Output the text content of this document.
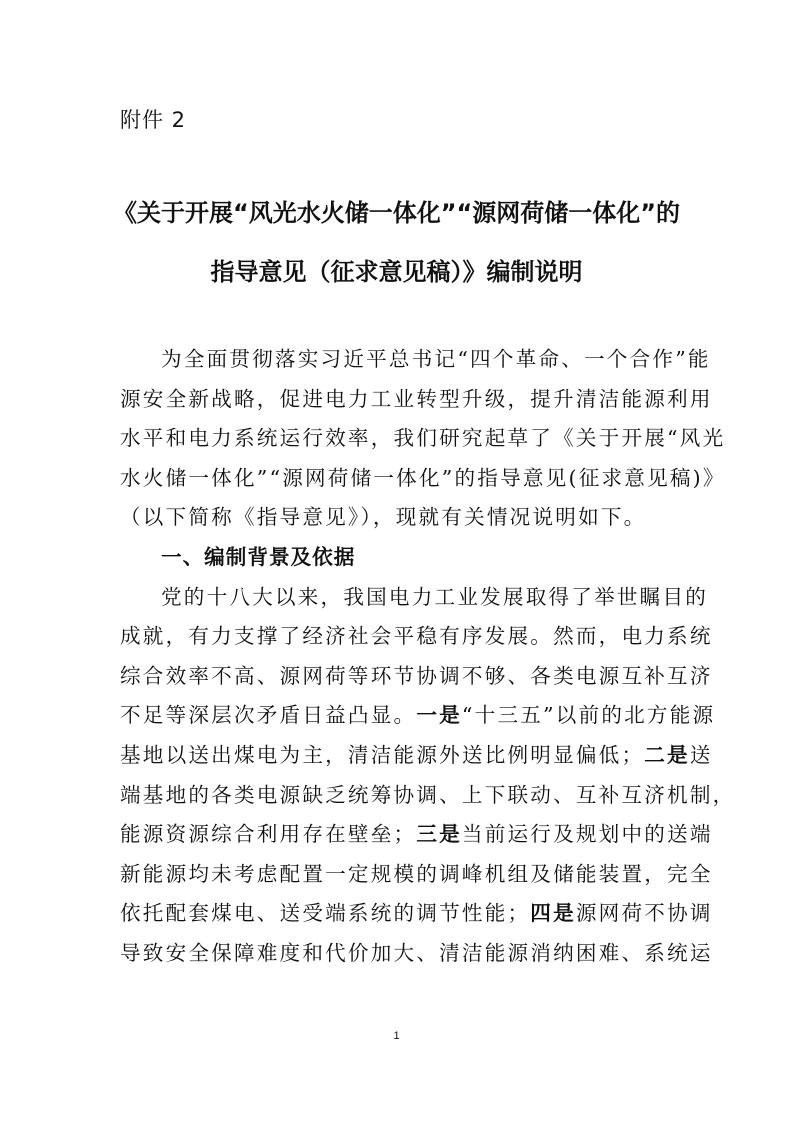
附件 2
《关于开展“风光水火储一体化”“源网荷储一体化”的
指导意见（征求意见稿）》编制说明
为全面贯彻落实习近平总书记“四个革命、一个合作”能
源安全新战略，促进电力工业转型升级，提升清洁能源利用
水平和电力系统运行效率，我们研究起草了《关于开展“风光
水火储一体化”“源网荷储一体化”的指导意见(征求意见稿)》
（以下简称《指导意见》），现就有关情况说明如下。
一、编制背景及依据
党的十八大以来，我国电力工业发展取得了举世瞩目的
成就，有力支撑了经济社会平稳有序发展。然而，电力系统
综合效率不高、源网荷等环节协调不够、各类电源互补互济
不足等深层次矛盾日益凸显。一是“十三五”以前的北方能源
基地以送出煤电为主，清洁能源外送比例明显偏低；二是送
端基地的各类电源缺乏统筹协调、上下联动、互补互济机制，
能源资源综合利用存在壁垒；三是当前运行及规划中的送端
新能源均未考虑配置一定规模的调峰机组及储能装置，完全
依托配套煤电、送受端系统的调节性能；四是源网荷不协调
导致安全保障难度和代价加大、清洁能源消纳困难、系统运
1
